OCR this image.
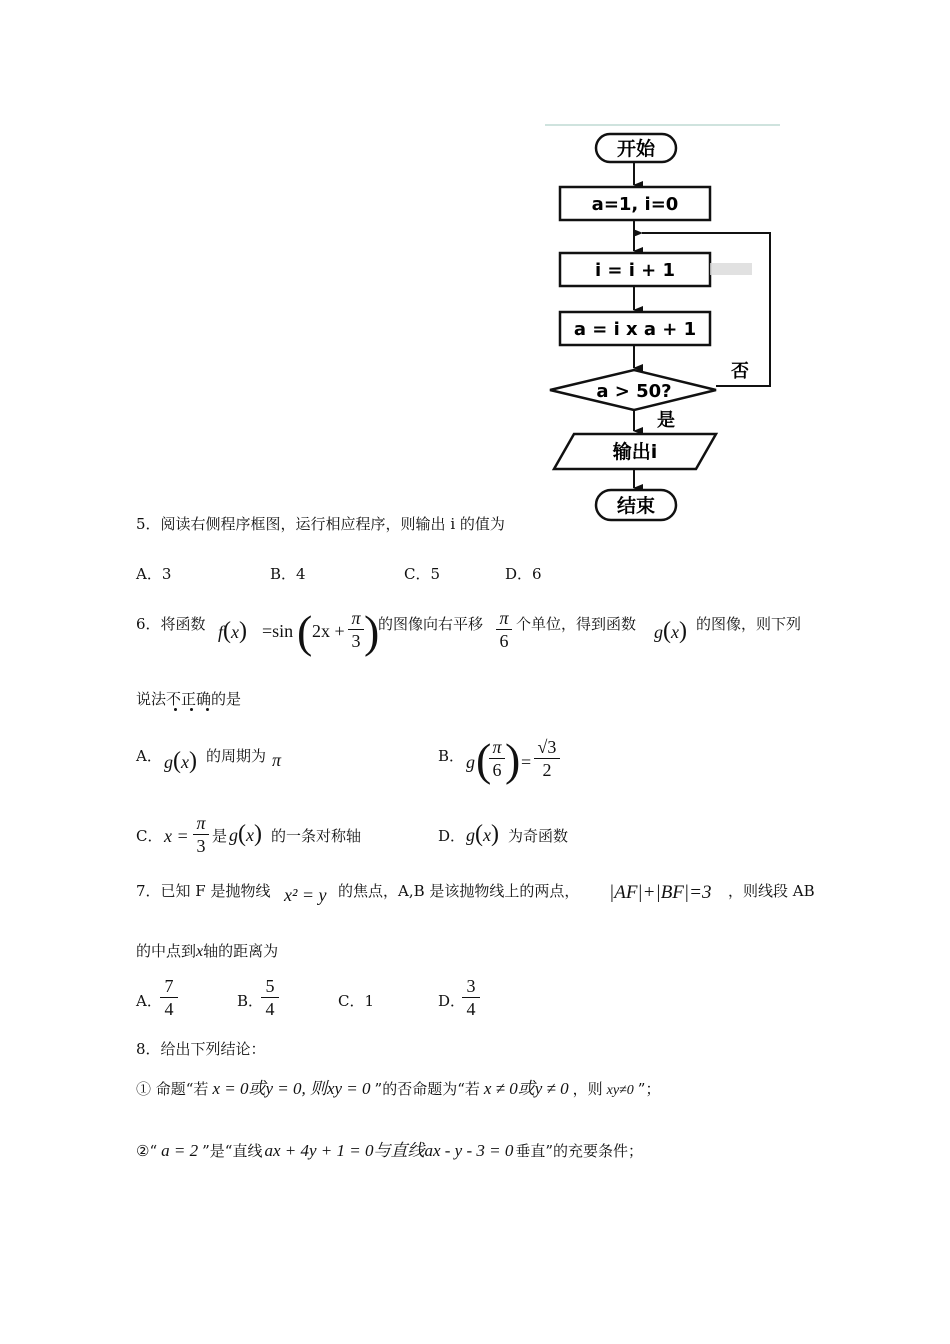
开始
a=1, i=0
i = i + 1
a = i x a + 1
a > 50?
否
是
输出i
结束
5．阅读右侧程序框图，运行相应程序，则输出 i 的值为
A．3	B．4	C．5	D．6
6．将函数 f(x) =sin ( 2x +
π
3 )
的图像向右平移 π
6
个单位，得到函数 g(x) 的图像，则下列
说法不正确的是
A． g(x) 的周期为 π	B． g ( π
6 ) =
√3
2
C． x =
π
3 是 g(x) 的一条对称轴	D． g(x) 为奇函数
7．已知 F 是抛物线 x² = y 的焦点，A,B 是该抛物线上的两点， |AF|+|BF|=3 ，则线段 AB
的中点到x轴的距离为
A．
7
4	B．
5
4	C．1	D．
3
4
8．给出下列结论：
① 命题“若 x = 0或y = 0, 则xy = 0 ”的否命题为“若 x ≠ 0或y ≠ 0 ，则 xy≠0 ”；
②“ a = 2 ”是“直线 ax + 4y + 1 = 0与直线ax - y - 3 = 0 垂直”的充要条件；
